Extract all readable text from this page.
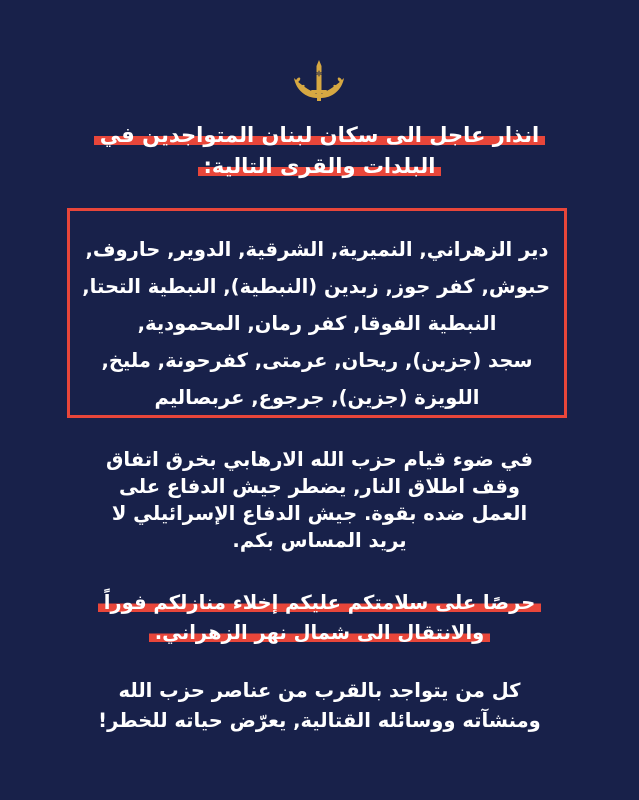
انذار عاجل الى سكان لبنان المتواجدين في
البلدات والقرى التالية:
دير الزهراني, النميرية, الشرقية, الدوير, حاروف,
حبوش, كفر جوز, زبدين (النبطية), النبطية التحتا,
النبطية الفوقا, كفر رمان, المحمودية,
سجد (جزين), ريحان, عرمتى, كفرحونة, مليخ,
اللويزة (جزين), جرجوع, عربصاليم
في ضوء قيام حزب الله الارهابي بخرق اتفاق
وقف اطلاق النار, يضطر جيش الدفاع على
العمل ضده بقوة. جيش الدفاع الإسرائيلي لا
يريد المساس بكم.
حرصًا على سلامتكم عليكم إخلاء منازلكم فوراً
والانتقال الى شمال نهر الزهراني.
كل من يتواجد بالقرب من عناصر حزب الله
ومنشآته ووسائله القتالية, يعرّض حياته للخطر!
